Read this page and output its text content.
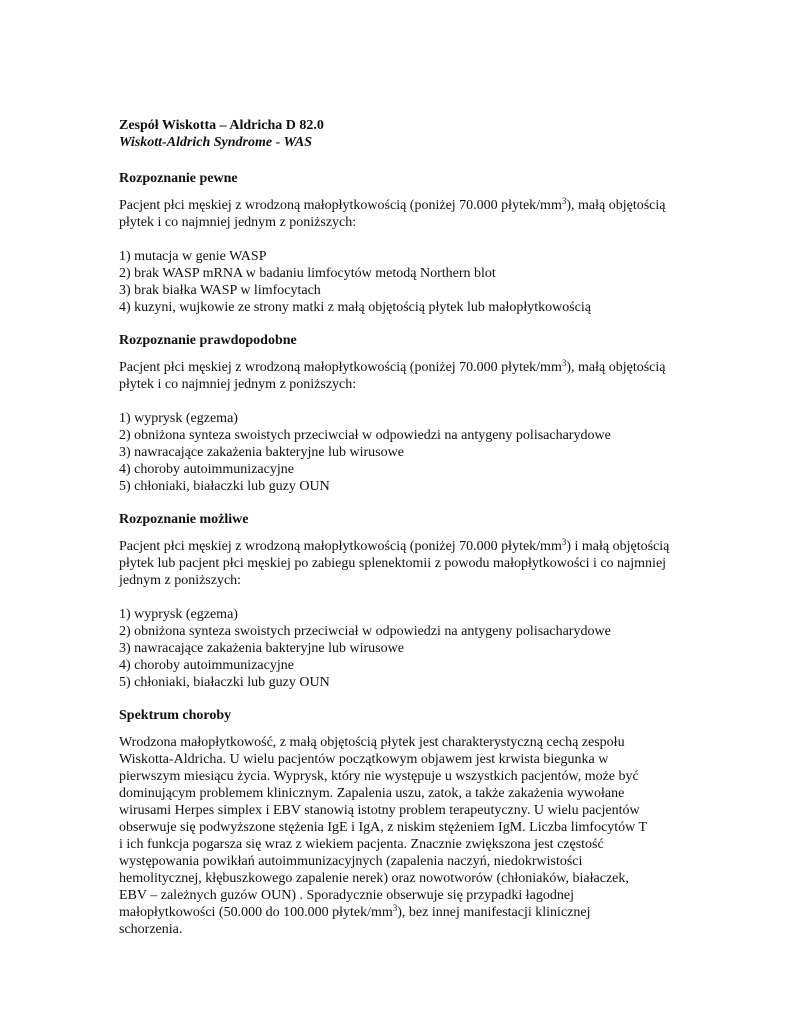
Zespół Wiskotta – Aldricha D 82.0

Wiskott-Aldrich Syndrome - WAS

Rozpoznanie pewne

Pacjent płci męskiej z wrodzoną małopłytkowością (poniżej 70.000 płytek/$mm^3$), małą objętością płytek i co najmniej jednym z poniższych:

1) mutacja w genie WASP
2) brak WASP mRNA w badaniu limfocytów metodą Northern blot
3) brak białka WASP w limfocytach
4) kuzyni, wujkowie ze strony matki z małą objętością płytek lub małopłytkowością
Rozpoznanie prawdopodobne

Pacjent płci męskiej z wrodzoną małopłytkowością (poniżej 70.000 płytek/$mm^3$), małą objętością płytek i co najmniej jednym z poniższych:

1) wyprysk (egzema)
2) obniżona synteza swoistych przeciwciał w odpowiedzi na antygeny polisacharydowe
3) nawracające zakażenia bakteryjne lub wirusowe
4) choroby autoimmunizacyjne
5) chłoniaki, białaczki lub guzy OUN
Rozpoznanie możliwe

Pacjent płci męskiej z wrodzoną małopłytkowością (poniżej 70.000 płytek/$mm^3$) i małą objętością płytek lub pacjent płci męskiej po zabiegu splenektomii z powodu małopłytkowości i co najmniej jednym z poniższych:

1) wyprysk (egzema)
2) obniżona synteza swoistych przeciwciał w odpowiedzi na antygeny polisacharydowe
3) nawracające zakażenia bakteryjne lub wirusowe
4) choroby autoimmunizacyjne
5) chłoniaki, białaczki lub guzy OUN
Spektrum choroby

Wrodzona małopłytkowość, z małą objętością płytek jest charakterystyczną cechą zespołu Wiskotta-Aldricha. U wielu pacjentów początkowym objawem jest krwista biegunka w pierwszym miesiącu życia. Wyprysk, który nie występuje u wszystkich pacjentów, może być dominującym problemem klinicznym. Zapalenia uszu, zatok, a także zakażenia wywołane wirusami Herpes simplex i EBV stanowią istotny problem terapeutyczny. U wielu pacjentów obserwuje się podwyższone stężenia IgE i IgA, z niskim stężeniem IgM. Liczba limfocytów T i ich funkcja pogarsza się wraz z wiekiem pacjenta. Znacznie zwiększona jest częstość występowania powikłań autoimmunizacyjnych (zapalenia naczyń, niedokrwistości hemolitycznej, kłębuszkowego zapalenie nerek) oraz nowotworów (chłoniaków, białaczek, EBV – zależnych guzów OUN) . Sporadycznie obserwuje się przypadki łagodnej małopłytkowości (50.000 do 100.000 płytek/$mm^3$), bez innej manifestacji klinicznej schorzenia.
